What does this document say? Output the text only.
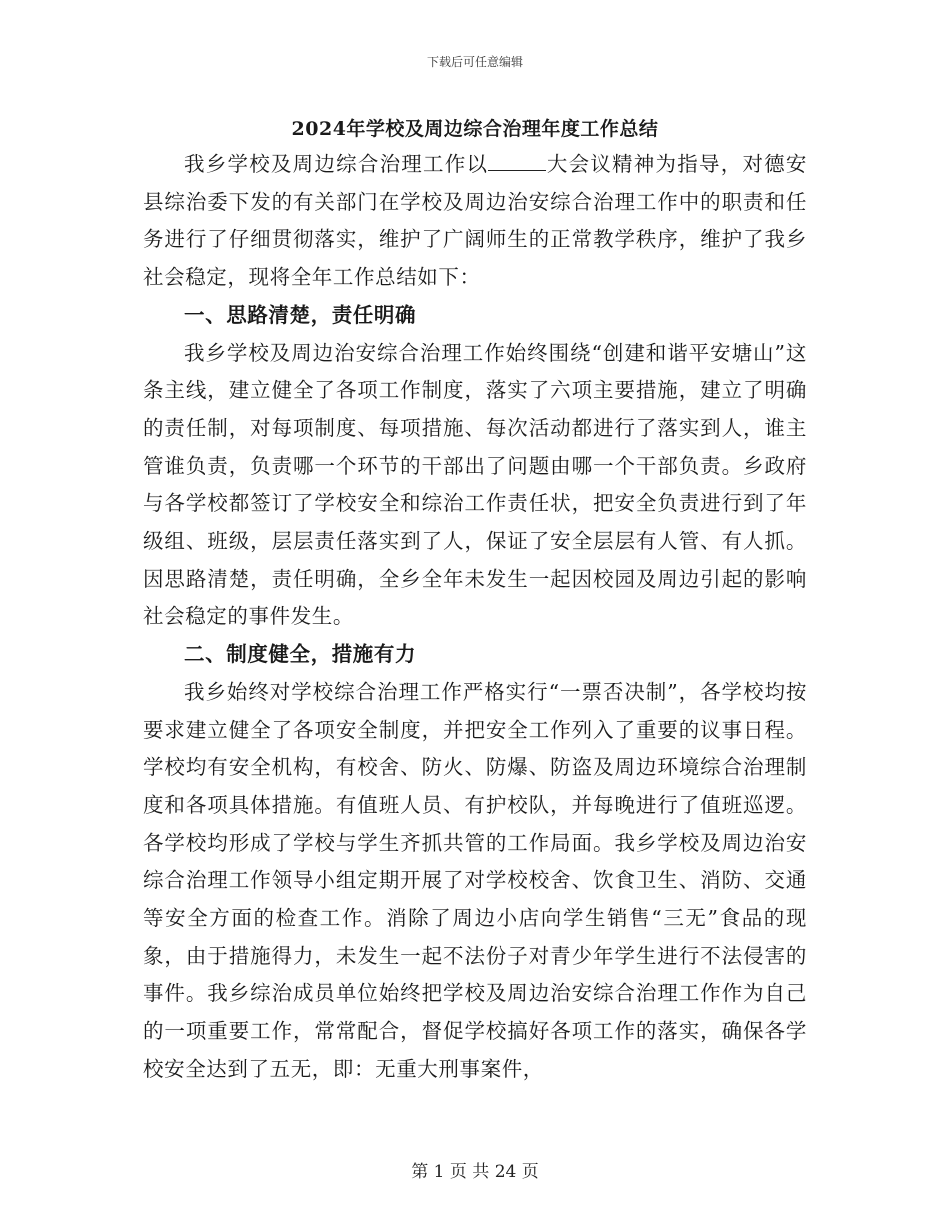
下载后可任意编辑
2024年学校及周边综合治理年度工作总结

我乡学校及周边综合治理工作以	大会议精神为指导，对德安县综治委下发的有关部门在学校及周边治安综合治理工作中的职责和任务进行了仔细贯彻落实，维护了广阔师生的正常教学秩序，维护了我乡社会稳定，现将全年工作总结如下：

一、思路清楚，责任明确

我乡学校及周边治安综合治理工作始终围绕“创建和谐平安塘山”这条主线，建立健全了各项工作制度，落实了六项主要措施，建立了明确的责任制，对每项制度、每项措施、每次活动都进行了落实到人，谁主管谁负责，负责哪一个环节的干部出了问题由哪一个干部负责。乡政府与各学校都签订了学校安全和综治工作责任状，把安全负责进行到了年级组、班级，层层责任落实到了人，保证了安全层层有人管、有人抓。因思路清楚，责任明确，全乡全年未发生一起因校园及周边引起的影响社会稳定的事件发生。

二、制度健全，措施有力

我乡始终对学校综合治理工作严格实行“一票否决制”，各学校均按要求建立健全了各项安全制度，并把安全工作列入了重要的议事日程。学校均有安全机构，有校舍、防火、防爆、防盗及周边环境综合治理制度和各项具体措施。有值班人员、有护校队，并每晚进行了值班巡逻。各学校均形成了学校与学生齐抓共管的工作局面。我乡学校及周边治安综合治理工作领导小组定期开展了对学校校舍、饮食卫生、消防、交通等安全方面的检查工作。消除了周边小店向学生销售“三无”食品的现象，由于措施得力，未发生一起不法份子对青少年学生进行不法侵害的事件。我乡综治成员单位始终把学校及周边治安综合治理工作作为自己的一项重要工作，常常配合，督促学校搞好各项工作的落实，确保各学校安全达到了五无，即：无重大刑事案件，

第 1 页 共 24 页
